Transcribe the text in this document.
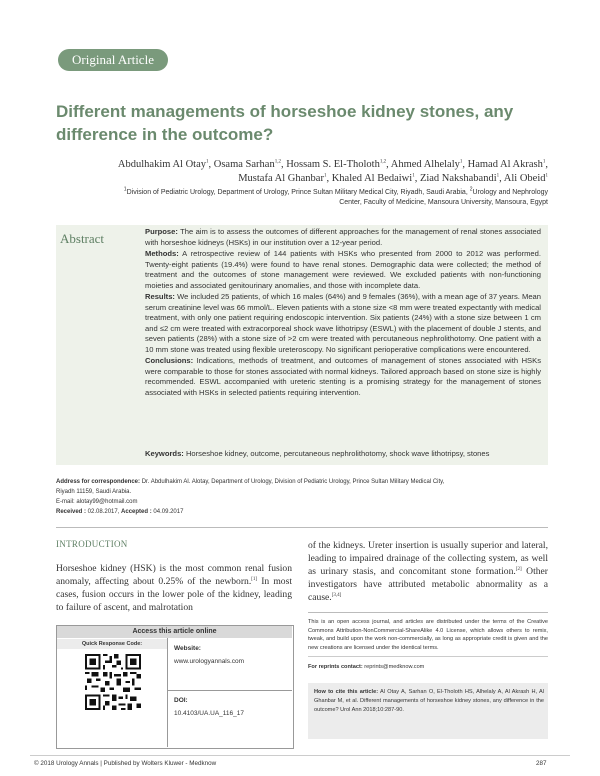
Original Article
Different managements of horseshoe kidney stones, any difference in the outcome?
Abdulhakim Al Otay$^1$, Osama Sarhan$^{1,2}$, Hossam S. El-Tholoth$^{1,2}$, Ahmed Alhelaly$^1$, Hamad Al Akrash$^1$,
Mustafa Al Ghanbar$^1$, Khaled Al Bedaiwi$^1$, Ziad Nakshabandi$^1$, Ali Obeid$^1$
$^1$Division of Pediatric Urology, Department of Urology, Prince Sultan Military Medical City, Riyadh, Saudi Arabia, $^2$Urology and Nephrology
Center, Faculty of Medicine, Mansoura University, Mansoura, Egypt
Abstract	Purpose: The aim is to assess the outcomes of different approaches for the management of renal stones associated with horseshoe kidneys (HSKs) in our institution over a 12-year period.

Methods: A retrospective review of 144 patients with HSKs who presented from 2000 to 2012 was performed. Twenty-eight patients (19.4%) were found to have renal stones. Demographic data were collected; the method of treatment and the outcomes of stone management were reviewed. We excluded patients with non-functioning moieties and associated genitourinary anomalies, and those with incomplete data.

Results: We included 25 patients, of which 16 males (64%) and 9 females (36%), with a mean age of 37 years. Mean serum creatinine level was 66 mmol/L. Eleven patients with a stone size <8 mm were treated expectantly with medical treatment, with only one patient requiring endoscopic intervention. Six patients (24%) with a stone size between 1 cm and ≤2 cm were treated with extracorporeal shock wave lithotripsy (ESWL) with the placement of double J stents, and seven patients (28%) with a stone size of >2 cm were treated with percutaneous nephrolithotomy. One patient with a 10 mm stone was treated using flexible ureteroscopy. No significant perioperative complications were encountered.

Conclusions: Indications, methods of treatment, and outcomes of management of stones associated with HSKs were comparable to those for stones associated with normal kidneys. Tailored approach based on stone size is highly recommended. ESWL accompanied with ureteric stenting is a promising strategy for the management of stones associated with HSKs in selected patients requiring intervention.

Keywords: Horseshoe kidney, outcome, percutaneous nephrolithotomy, shock wave lithotripsy, stones
Address for correspondence: Dr. Abdulhakim Al. Alotay, Department of Urology, Division of Pediatric Urology, Prince Sultan Military Medical City,
Riyadh 11159, Saudi Arabia.
E-mail: alotay99@hotmail.com
Received : 02.08.2017, Accepted : 04.09.2017
INTRODUCTION
Horseshoe kidney (HSK) is the most common renal fusion anomaly, affecting about 0.25% of the newborn.[1] In most cases, fusion occurs in the lower pole of the kidney, leading to failure of ascent, and malrotation
of the kidneys. Ureter insertion is usually superior and lateral, leading to impaired drainage of the collecting system, as well as urinary stasis, and concomitant stone formation.[2] Other investigators have attributed metabolic abnormality as a cause.[3,4]
Access this article online
Quick Response Code:
Website:
www.urologyannals.com
DOI:
10.4103/UA.UA_116_17
This is an open access journal, and articles are distributed under the terms of the Creative Commons Attribution-NonCommercial-ShareAlike 4.0 License, which allows others to remix, tweak, and build upon the work non-commercially, as long as appropriate credit is given and the new creations are licensed under the identical terms.
For reprints contact: reprints@medknow.com
How to cite this article: Al Otay A, Sarhan O, El-Tholoth HS, Alhelaly A, Al Akrash H, Al Ghanbar M, et al. Different managements of horseshoe kidney stones, any difference in the outcome? Urol Ann 2018;10:287-90.
© 2018 Urology Annals | Published by Wolters Kluwer - Medknow	287
